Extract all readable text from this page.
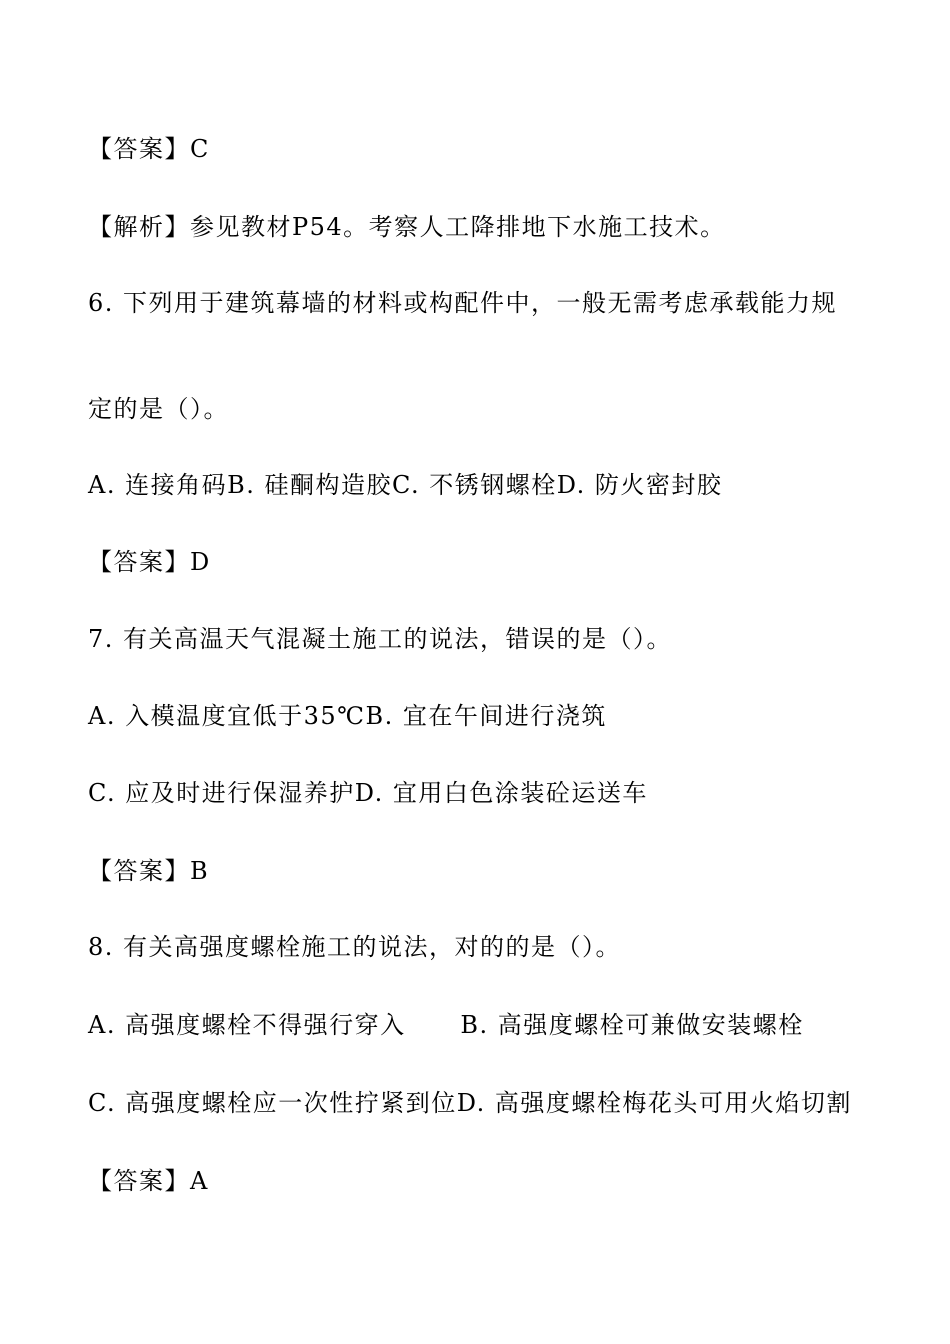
【答案】C
【解析】参见教材P54。考察人工降排地下水施工技术。
6. 下列用于建筑幕墙的材料或构配件中，一般无需考虑承载能力规
定的是（）。
A. 连接角码B. 硅酮构造胶C. 不锈钢螺栓D. 防火密封胶
【答案】D
7. 有关高温天气混凝土施工的说法，错误的是（）。
A. 入模温度宜低于35℃B. 宜在午间进行浇筑
C. 应及时进行保湿养护D. 宜用白色涂装砼运送车
【答案】B
8. 有关高强度螺栓施工的说法，对的的是（）。
A. 高强度螺栓不得强行穿入      B. 高强度螺栓可兼做安装螺栓
C. 高强度螺栓应一次性拧紧到位D. 高强度螺栓梅花头可用火焰切割
【答案】A
